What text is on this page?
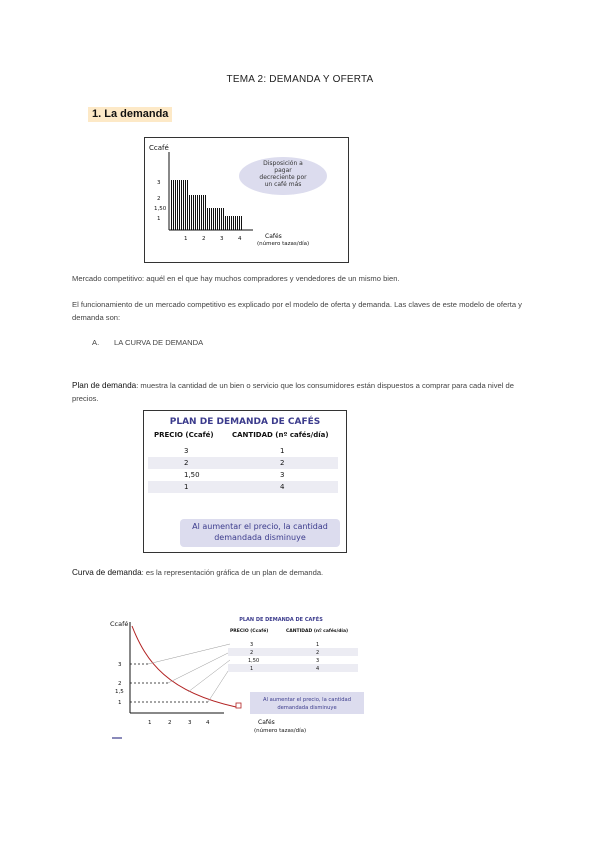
TEMA 2: DEMANDA Y OFERTA
1. La demanda
Ccafé
3
2
1,50
1
1	2	3	4	Cafés
(número tazas/día)
Disposición a
pagar
decreciente por
un café más
Mercado competitivo: aquél en el que hay muchos compradores y vendedores de un mismo bien.
El funcionamiento de un mercado competitivo es explicado por el modelo de oferta y demanda. Las claves de este modelo de oferta y demanda son:
A. LA CURVA DE DEMANDA
Plan de demanda: muestra la cantidad de un bien o servicio que los consumidores están dispuestos a comprar para cada nivel de precios.
PLAN DE DEMANDA DE CAFÉS
PRECIO (Ccafé)	CANTIDAD (nº cafés/día)
3	1
2	2
1,50	3
1	4
Al aumentar el precio, la cantidad
demandada disminuye
Curva de demanda: es la representación gráfica de un plan de demanda.
Ccafé
3
2
1,5
1
1	2	3	4	Cafés
(número tazas/día)
PLAN DE DEMANDA DE CAFÉS
PRECIO (Ccafé)	CANTIDAD (nº cafés/día)
3	1
2	2
1,50	3
1	4
Al aumentar el precio, la cantidad
demandada disminuye
